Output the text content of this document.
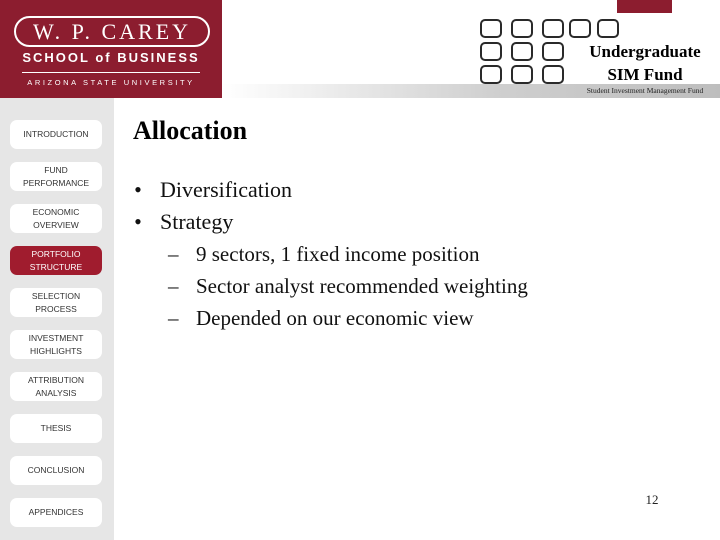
W. P. CAREY
SCHOOL of BUSINESS
ARIZONA STATE UNIVERSITY
Undergraduate
SIM Fund
Student Investment Management Fund
INTRODUCTION
FUND PERFORMANCE
ECONOMIC OVERVIEW
PORTFOLIO STRUCTURE
SELECTION PROCESS
INVESTMENT HIGHLIGHTS
ATTRIBUTION ANALYSIS
THESIS
CONCLUSION
APPENDICES
Allocation
• Diversification
• Strategy
– 9 sectors, 1 fixed income position
– Sector analyst recommended weighting
– Depended on our economic view
12
